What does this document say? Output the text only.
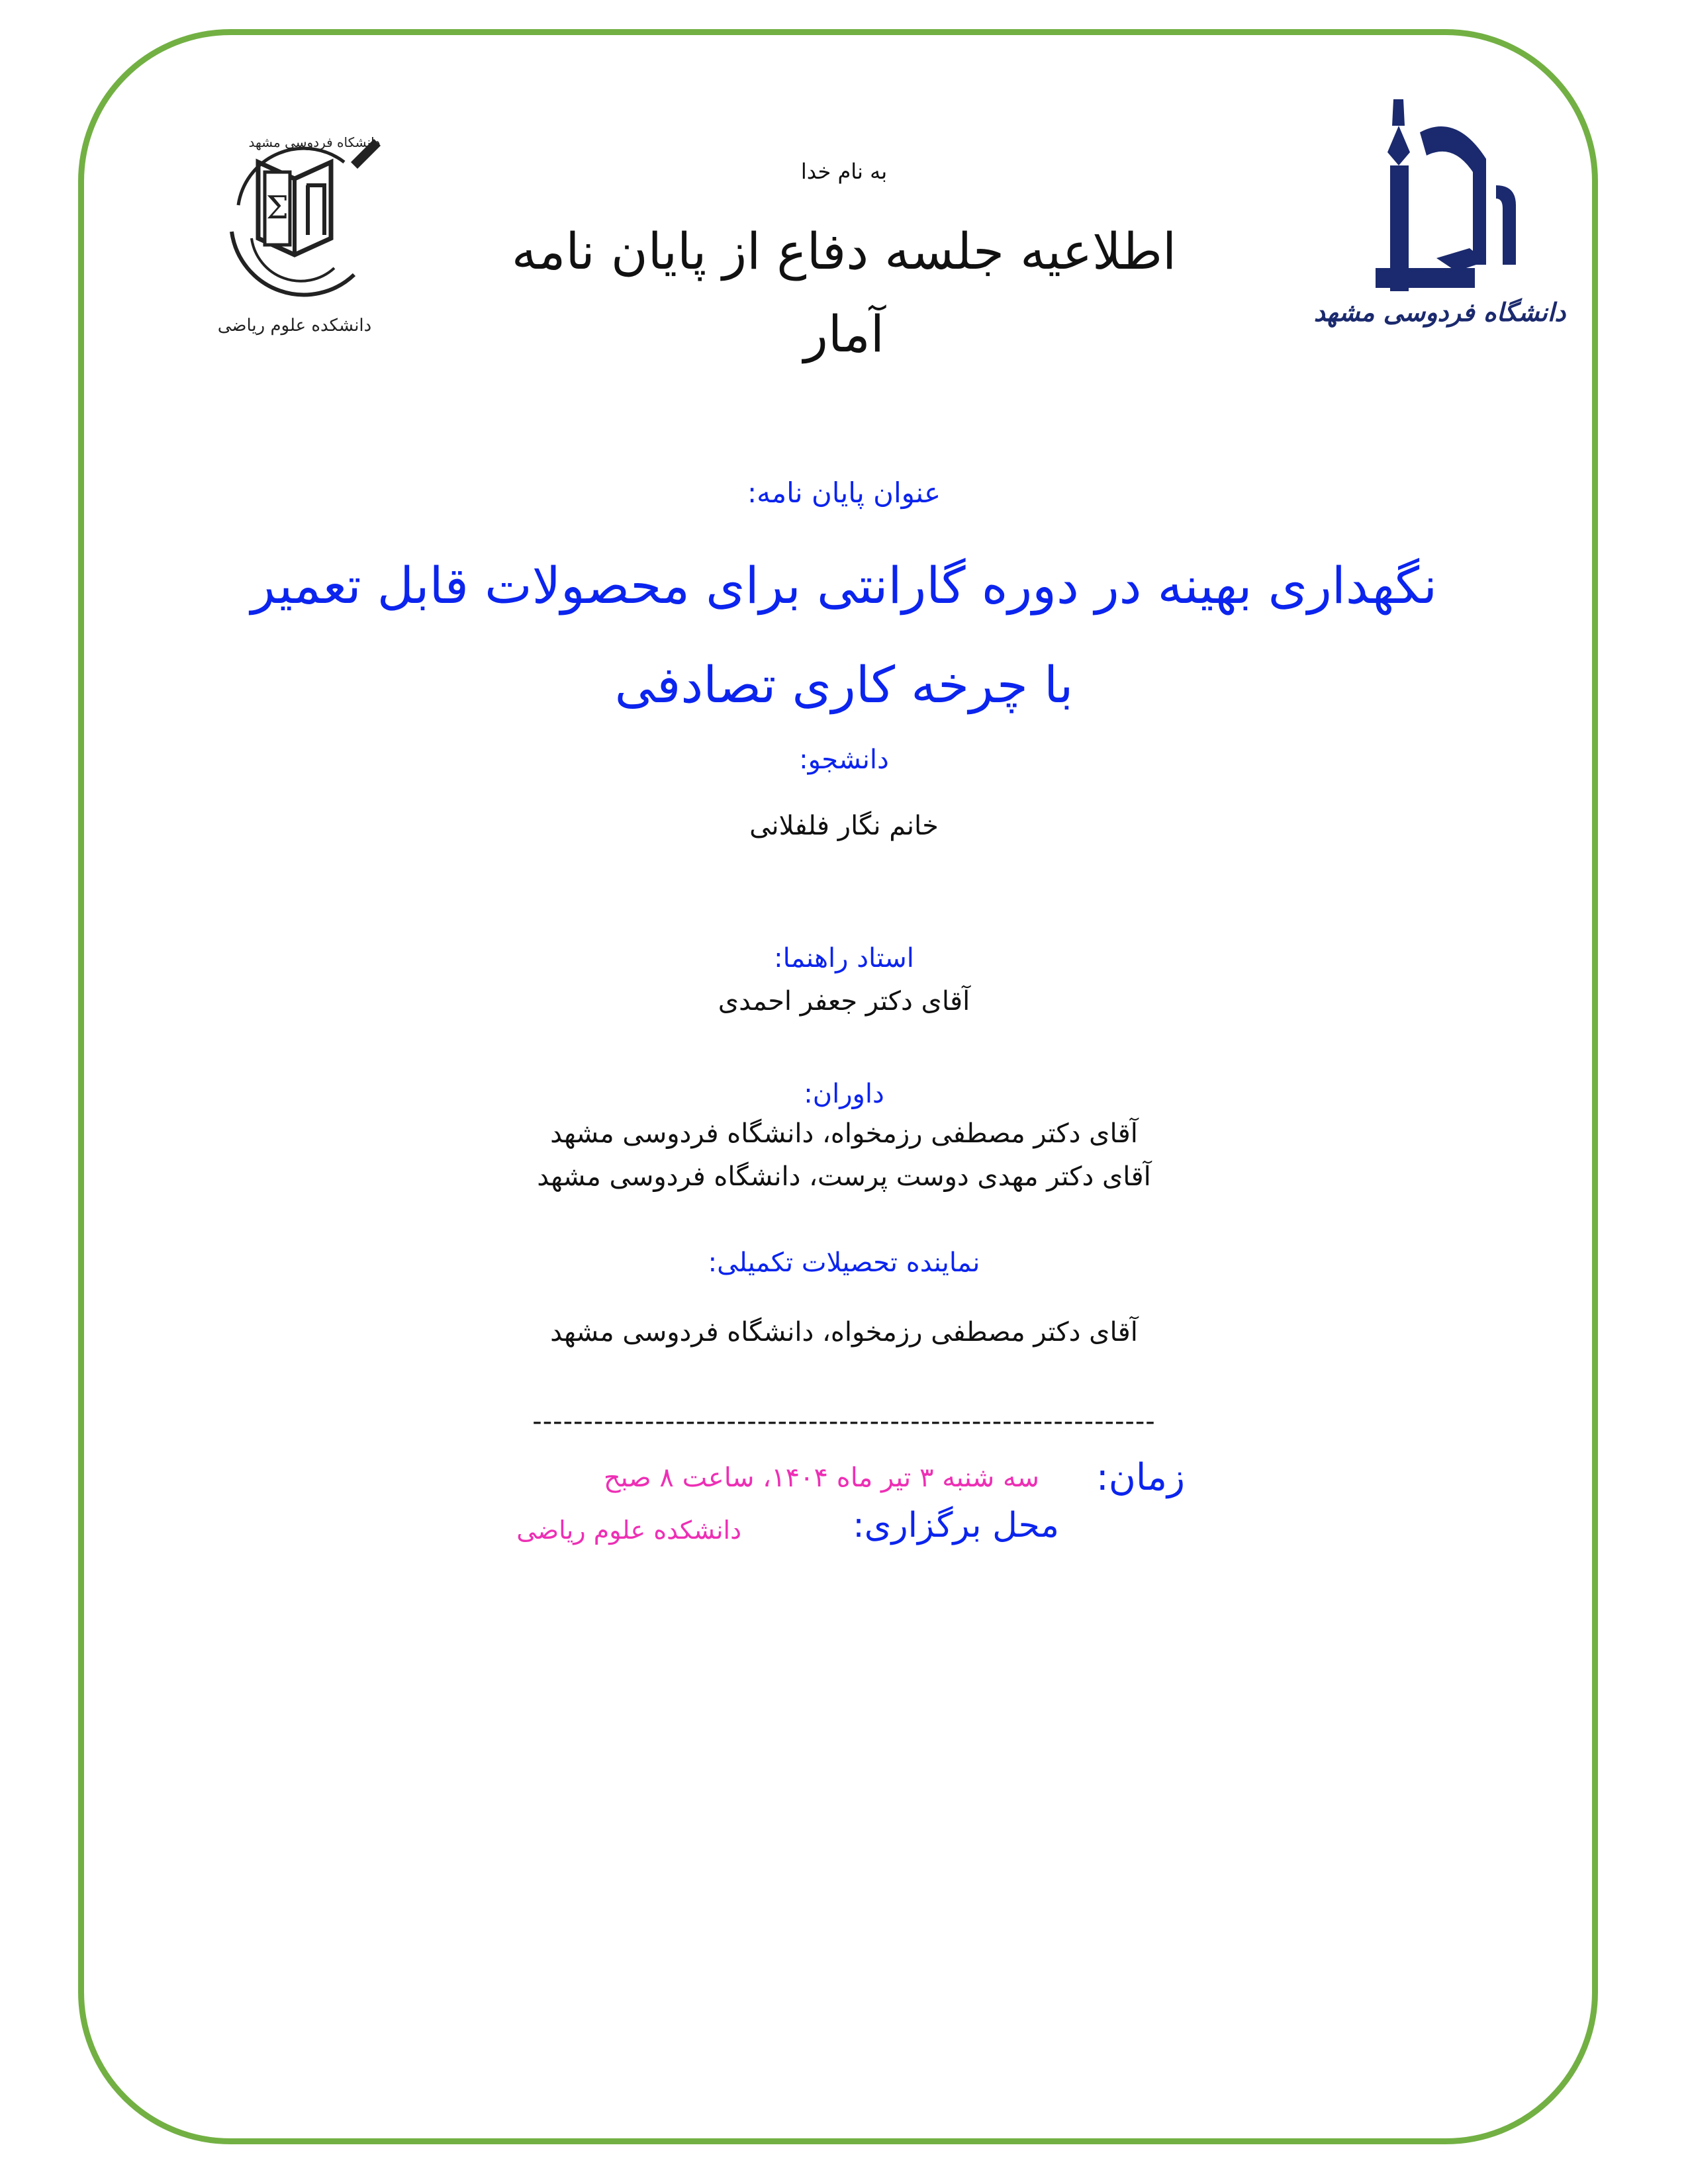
Σ
دانشکاه فردوسی مشهد
دانشکده علوم ریاضی	دانشگاه فردوسی مشهد
به نام خدا
اطلاعیه جلسه دفاع از پایان نامه
آمار
عنوان پایان نامه:
نگهداری بهینه در دوره گارانتی برای محصولات قابل تعمیر
با چرخه کاری تصادفی
دانشجو:
خانم نگار فلفلانی
استاد راهنما:
آقای دکتر جعفر احمدی
داوران:
آقای دکتر مصطفی رزمخواه، دانشگاه فردوسی مشهد
آقای دکتر مهدی دوست پرست، دانشگاه فردوسی مشهد
نماینده تحصیلات تکمیلی:
آقای دکتر مصطفی رزمخواه، دانشگاه فردوسی مشهد
-------------------------------------------------------------
زمان:
سه شنبه ۳ تیر ماه ۱۴۰۴، ساعت ۸ صبح
محل برگزاری:
دانشکده علوم ریاضی
